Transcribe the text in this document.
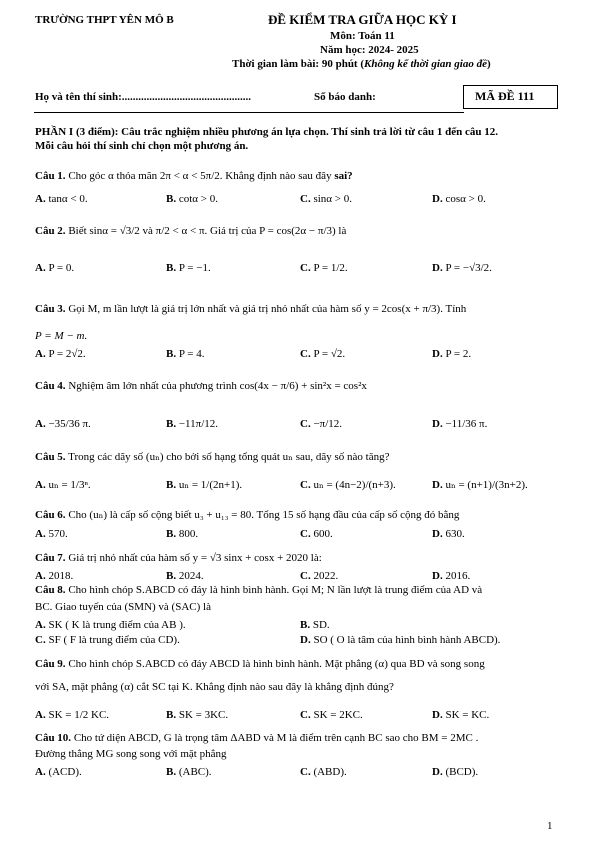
TRƯỜNG THPT YÊN MÔ B	ĐỀ KIỂM TRA GIỮA HỌC KỲ I
Môn: Toán 11
Năm học: 2024- 2025
Thời gian làm bài: 90 phút (Không kể thời gian giao đề)
Họ và tên thí sinh:...............................................	Số báo danh:	MÃ ĐỀ 111
PHẦN I (3 điểm): Câu trắc nghiệm nhiều phương án lựa chọn. Thí sinh trả lời từ câu 1 đến câu 12.
Mỗi câu hỏi thí sinh chỉ chọn một phương án.
Câu 1. Cho góc α thỏa mãn 2π < α < 5π/2. Khẳng định nào sau đây sai?
A. tanα < 0.	B. cotα > 0.	C. sinα > 0.	D. cosα > 0.
Câu 2. Biết sinα = √3/2 và π/2 < α < π. Giá trị của P = cos(2α − π/3) là
A. P = 0.	B. P = −1.	C. P = 1/2.	D. P = −√3/2.
Câu 3. Gọi M, m lần lượt là giá trị lớn nhất và giá trị nhỏ nhất của hàm số y = 2cos(x + π/3). Tính
P = M − m.
A. P = 2√2.	B. P = 4.	C. P = √2.	D. P = 2.
Câu 4. Nghiệm âm lớn nhất của phương trình cos(4x − π/6) + sin²x = cos²x
A. −35/36 π.	B. −11π/12.	C. −π/12.	D. −11/36 π.
Câu 5. Trong các dãy số (uₙ) cho bởi số hạng tổng quát uₙ sau, dãy số nào tăng?
A. uₙ = 1/3ⁿ.	B. uₙ = 1/(2n+1).	C. uₙ = (4n−2)/(n+3).	D. uₙ = (n+1)/(3n+2).
Câu 6. Cho (uₙ) là cấp số cộng biết u₃ + u₁₃ = 80. Tổng 15 số hạng đầu của cấp số cộng đó bằng
A. 570.	B. 800.	C. 600.	D. 630.
Câu 7. Giá trị nhỏ nhất của hàm số y = √3 sinx + cosx + 2020 là:
A. 2018.	B. 2024.	C. 2022.	D. 2016.
Câu 8. Cho hình chóp S.ABCD có đáy là hình bình hành. Gọi M; N lần lượt là trung điểm của AD và
BC. Giao tuyến của (SMN) và (SAC) là
A. SK ( K là trung điểm của AB ).	B. SD.
C. SF ( F là trung điểm của CD).	D. SO ( O là tâm của hình bình hành ABCD).
Câu 9. Cho hình chóp S.ABCD có đáy ABCD là hình bình hành. Mặt phẳng (α) qua BD và song song
với SA, mặt phẳng (α) cắt SC tại K. Khẳng định nào sau đây là khẳng định đúng?
A. SK = 1/2 KC.	B. SK = 3KC.	C. SK = 2KC.	D. SK = KC.
Câu 10. Cho tứ diện ABCD, G là trọng tâm ΔABD và M là điểm trên cạnh BC sao cho BM = 2MC .
Đường thẳng MG song song với mặt phẳng
A. (ACD).	B. (ABC).	C. (ABD).	D. (BCD).
1
